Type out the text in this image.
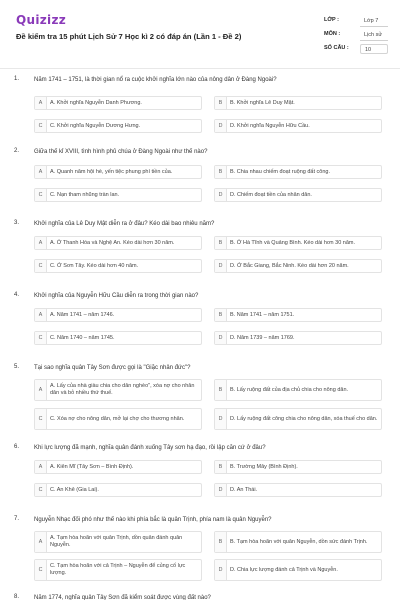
Quizizz
Đề kiểm tra 15 phút Lịch Sử 7 Học kì 2 có đáp án (Lần 1 - Đề 2)
LỚP :	Lớp 7
MÔN :	Lịch sử
SỐ CÂU :	10
1. Năm 1741 – 1751, là thời gian nổ ra cuộc khởi nghĩa lớn nào của nông dân ở Đàng Ngoài?
A	A. Khởi nghĩa Nguyễn Danh Phương.	B	B. Khởi nghĩa Lê Duy Mật.
C	C. Khởi nghĩa Nguyễn Dương Hưng.	D	D. Khởi nghĩa Nguyễn Hữu Cầu.
2. Giữa thế kỉ XVIII, tình hình phủ chúa ở Đàng Ngoài như thế nào?
A	A. Quanh năm hội hè, yến tiệc phung phí tiền của.	B	B. Chia nhau chiếm đoạt ruộng đất công.
C	C. Nạn tham nhũng tràn lan.	D	D. Chiếm đoạt tiền của nhân dân.
3. Khởi nghĩa của Lê Duy Mật diễn ra ở đâu? Kéo dài bao nhiêu năm?
A	A. Ở Thanh Hóa và Nghệ An. Kéo dài hơn 30 năm.	B	B. Ở Hà Tĩnh và Quảng Bình. Kéo dài hơn 30 năm.
C	C. Ở Sơn Tây. Kéo dài hơn 40 năm.	D	D. Ở Bắc Giang, Bắc Ninh. Kéo dài hơn 20 năm.
4. Khởi nghĩa của Nguyễn Hữu Cầu diễn ra trong thời gian nào?
A	A. Năm 1741 – năm 1746.	B	B. Năm 1741 – năm 1751.
C	C. Năm 1740 – năm 1745.	D	D. Năm 1739 – năm 1769.
5. Tại sao nghĩa quân Tây Sơn được gọi là "Giặc nhân đức"?
A
A. Lấy của nhà giàu chia cho dân nghèo", xóa nợ cho nhân dân và bỏ nhiều thứ thuế.	B	B. Lấy ruộng đất của địa chủ chia cho nông dân.
C	C. Xóa nợ cho nông dân, mở lại chợ cho thương nhân.	D	D. Lấy ruộng đất công chia cho nông dân, xóa thuế cho dân.
6. Khi lực lượng đã mạnh, nghĩa quân đánh xuống Tây sơn hạ đạo, rồi lập căn cứ ở đâu?
A	A. Kiên Mĩ (Tây Sơn – Bình Định).	B	B. Trường Mây (Bình Định).
C	C. An Khê (Gia Lai).	D	D. An Thái.
7. Nguyễn Nhạc đối phó như thế nào khi phía bắc là quân Trịnh, phía nam là quân Nguyễn?
A
A. Tạm hòa hoãn với quân Trịnh, dồn quân đánh quân Nguyễn.	B	B. Tạm hòa hoãn với quân Nguyễn, dồn sức đánh Trịnh.
C
C. Tạm hòa hoãn với cả Trịnh – Nguyễn để củng cố lực lượng.	D	D. Chia lực lượng đánh cả Trịnh và Nguyễn.
8. Năm 1774, nghĩa quân Tây Sơn đã kiểm soát được vùng đất nào?
